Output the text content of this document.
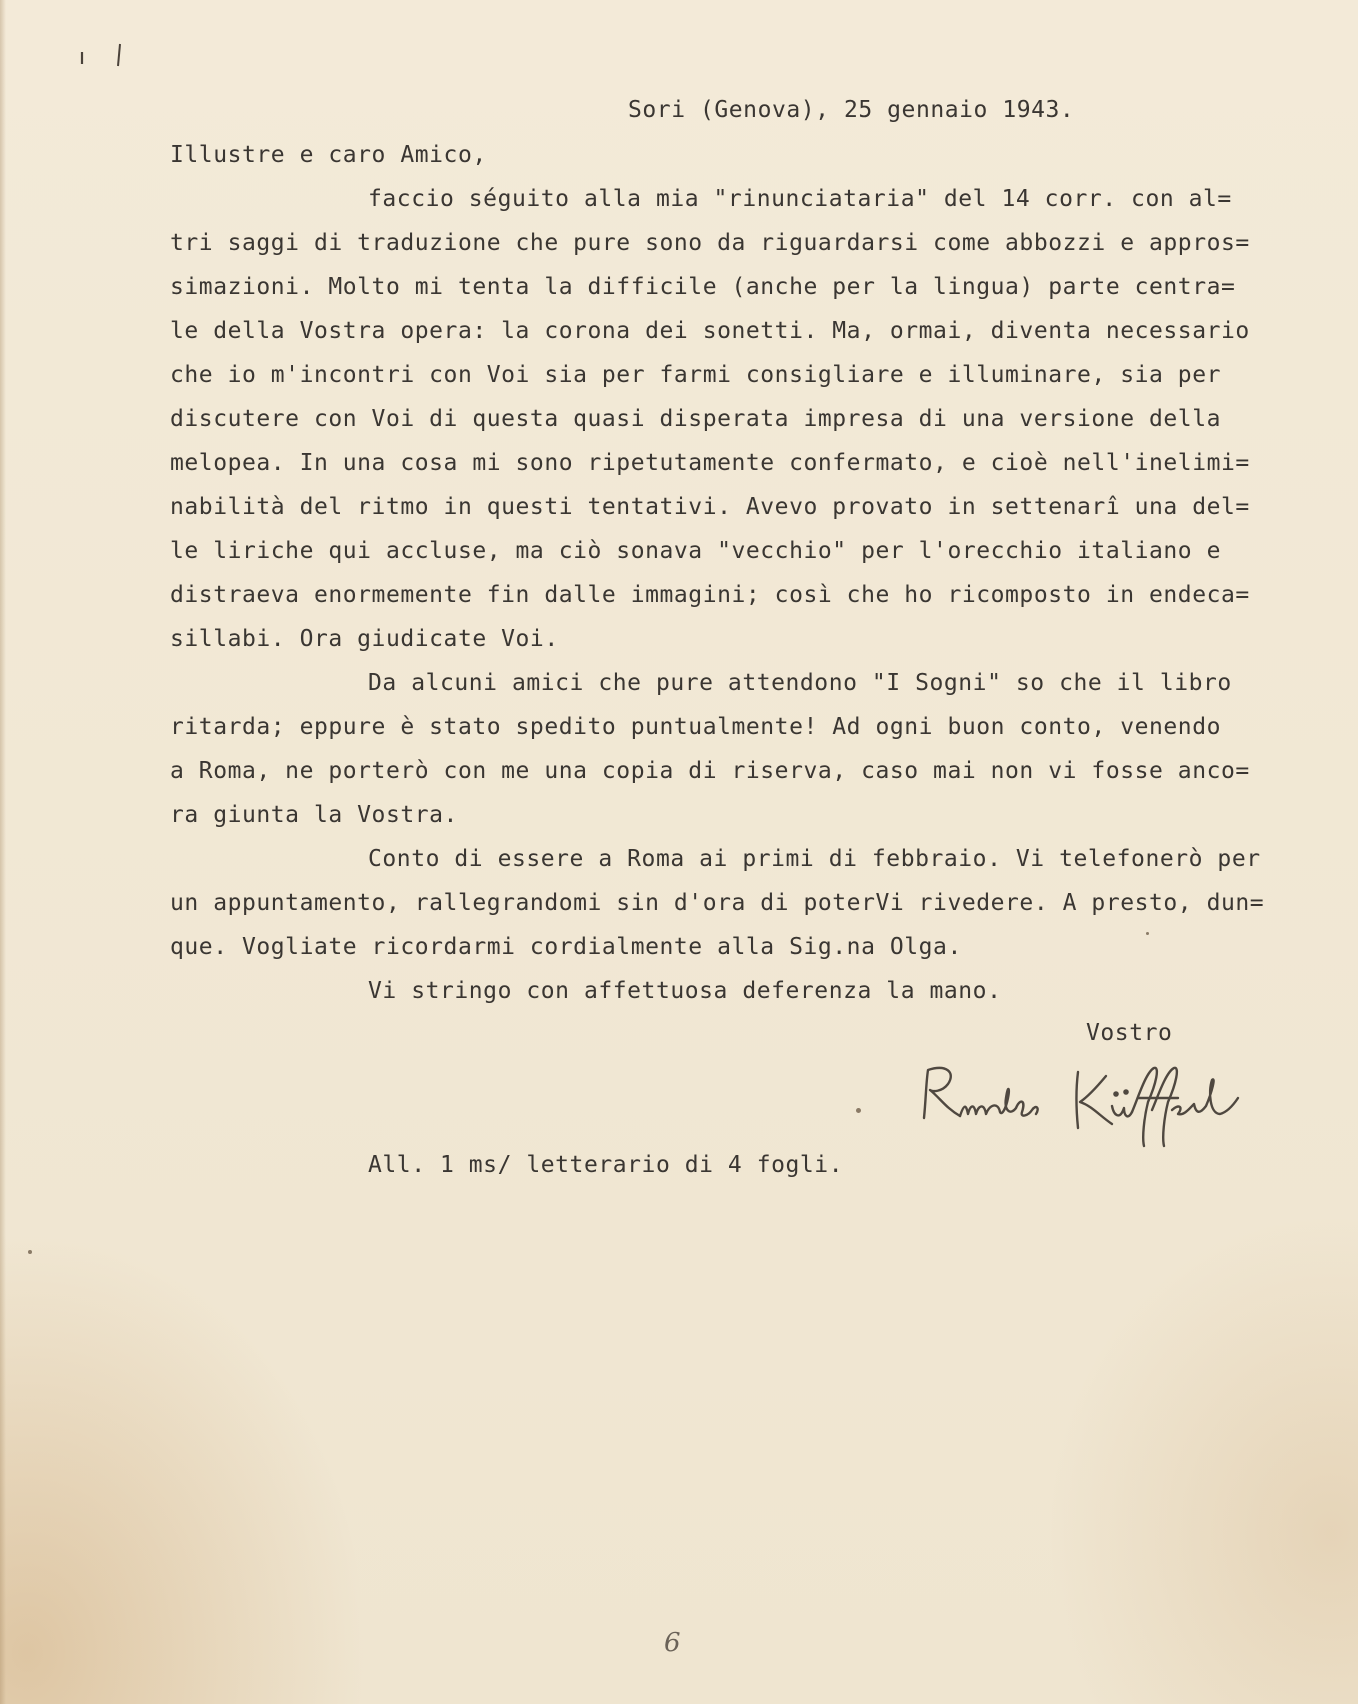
Sori (Genova), 25 gennaio 1943.
Illustre e caro Amico,
faccio séguito alla mia "rinunciataria" del 14 corr. con al=
tri saggi di traduzione che pure sono da riguardarsi come abbozzi e appros=
simazioni. Molto mi tenta la difficile (anche per la lingua) parte centra=
le della Vostra opera: la corona dei sonetti. Ma, ormai, diventa necessario
che io m'incontri con Voi sia per farmi consigliare e illuminare, sia per
discutere con Voi di questa quasi disperata impresa di una versione della
melopea. In una cosa mi sono ripetutamente confermato, e cioè nell'inelimi=
nabilità del ritmo in questi tentativi. Avevo provato in settenarî una del=
le liriche qui accluse, ma ciò sonava "vecchio" per l'orecchio italiano e
distraeva enormemente fin dalle immagini; così che ho ricomposto in endeca=
sillabi. Ora giudicate Voi.
Da alcuni amici che pure attendono "I Sogni" so che il libro
ritarda; eppure è stato spedito puntualmente! Ad ogni buon conto, venendo
a Roma, ne porterò con me una copia di riserva, caso mai non vi fosse anco=
ra giunta la Vostra.
Conto di essere a Roma ai primi di febbraio. Vi telefonerò per
un appuntamento, rallegrandomi sin d'ora di poterVi rivedere. A presto, dun=
que. Vogliate ricordarmi cordialmente alla Sig.na Olga.
Vi stringo con affettuosa deferenza la mano.
Vostro
All. 1 ms/ letterario di 4 fogli.
6
